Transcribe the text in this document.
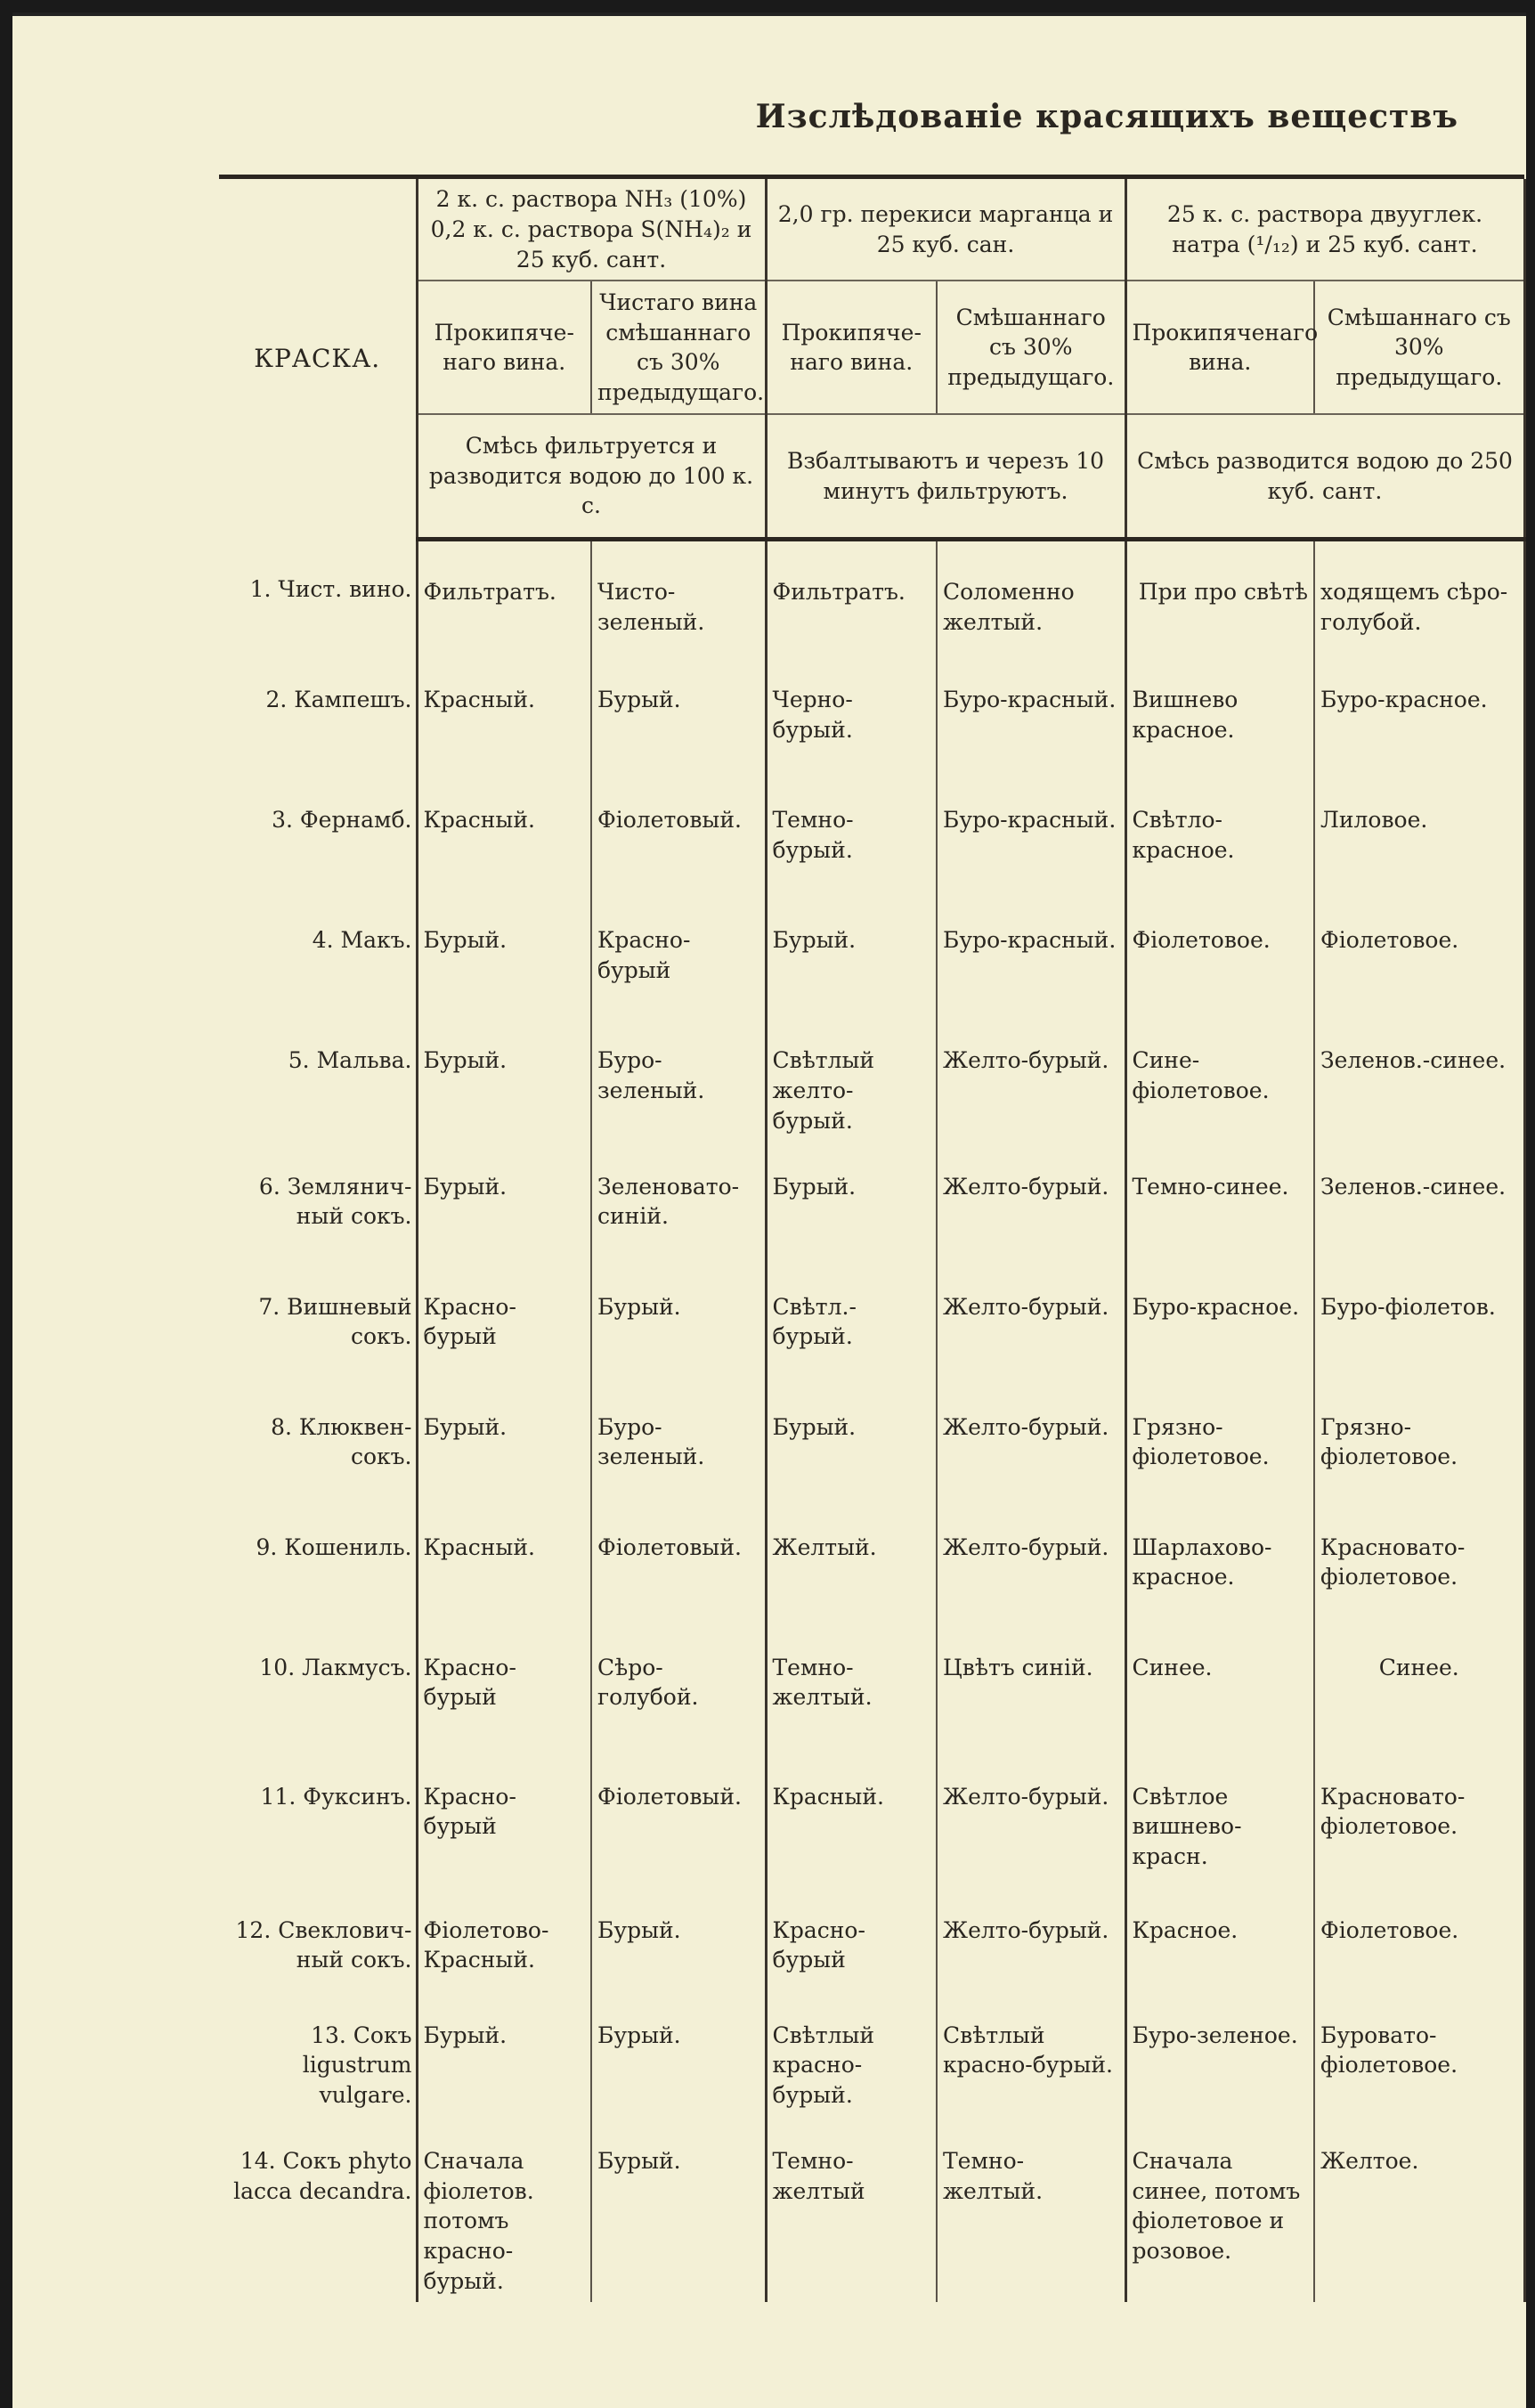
Изслѣдованіе красящихъ веществъ

КРАСКА.	2 к. с. раствора NH₃ (10%) 0,2 к. с. раствора S(NH₄)₂ и 25 куб. сант.		2,0 гр. перекиси марганца и 25 куб. сан.		25 к. с. раствора двууглек. натра (¹/₁₂) и 25 куб. сант.	
	Прокипяче-наго вина.	Чистаго вина смѣшаннаго съ 30% предыдущаго.	Прокипяче-наго вина.	Смѣшаннаго съ 30% предыдущаго.	Прокипяченаго вина.	Смѣшаннаго съ 30% предыдущаго.
	Смѣсь фильтруется и разводится водою до 100 к. с.		Взбалтываютъ и черезъ 10 минутъ фильтруютъ.		Смѣсь разводится водою до 250 куб. сант.	
1. Чист. вино.	Фильтратъ.	Чисто-зеленый.	Фильтратъ.	Соломенно желтый.	При про свѣтѣ	ходящемъ сѣро-голубой.
2. Кампешъ.	Красный.	Бурый.	Черно-бурый.	Буро-красный.	Вишнево красное.	Буро-красное.
3. Фернамб.	Красный.	Фіолетовый.	Темно-бурый.	Буро-красный.	Свѣтло-красное.	Лиловое.
4. Макъ.	Бурый.	Красно-бурый	Бурый.	Буро-красный.	Фіолетовое.	Фіолетовое.
5. Мальва.	Бурый.	Буро-зеленый.	Свѣтлый желто-бурый.	Желто-бурый.	Сине-фіолетовое.	Зеленов.-синее.
6. Землянич-ный сокъ.	Бурый.	Зеленовато-синій.	Бурый.	Желто-бурый.	Темно-синее.	Зеленов.-синее.
7. Вишневый сокъ.	Красно-бурый	Бурый.	Свѣтл.-бурый.	Желто-бурый.	Буро-красное.	Буро-фіолетов.
8. Клюквен-сокъ.	Бурый.	Буро-зеленый.	Бурый.	Желто-бурый.	Грязно-фіолетовое.	Грязно-фіолетовое.
9. Кошениль.	Красный.	Фіолетовый.	Желтый.	Желто-бурый.	Шарлахово-красное.	Красновато-фіолетовое.
10. Лакмусъ.	Красно-бурый	Сѣро-голубой.	Темно-желтый.	Цвѣтъ синій.	Синее.	Синее.
11. Фуксинъ.	Красно-бурый	Фіолетовый.	Красный.	Желто-бурый.	Свѣтлое вишнево-красн.	Красновато-фіолетовое.
12. Свеклович-ный сокъ.	Фіолетово-Красный.	Бурый.	Красно-бурый	Желто-бурый.	Красное.	Фіолетовое.
13. Сокъ ligustrum vulgare.	Бурый.	Бурый.	Свѣтлый красно-бурый.	Свѣтлый красно-бурый.	Буро-зеленое.	Буровато-фіолетовое.
14. Сокъ phyto lacca decandra.	Сначала фіолетов. потомъ красно-бурый.	Бурый.	Темно-желтый	Темно-желтый.	Сначала синее, потомъ фіолетовое и розовое.	Желтое.
